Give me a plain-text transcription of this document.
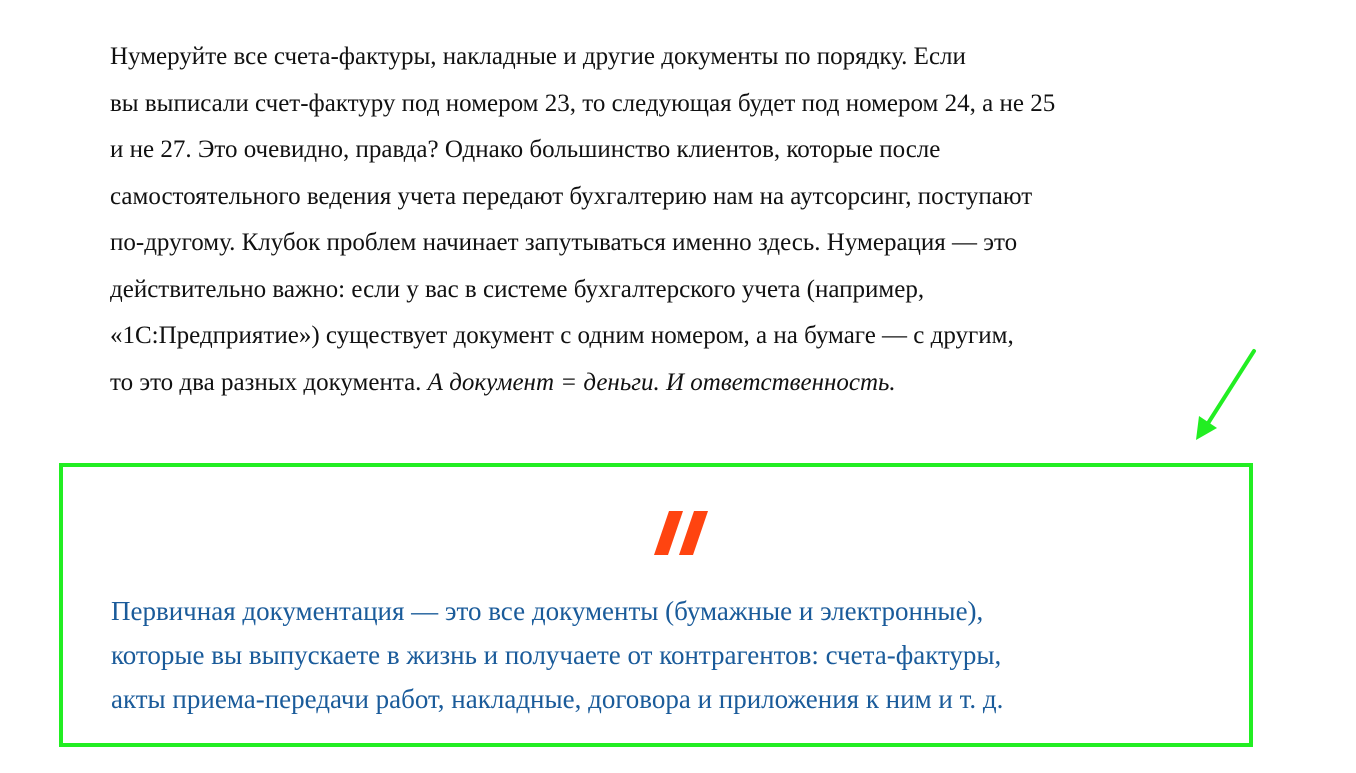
Нумеруйте все счета-фактуры, накладные и другие документы по порядку. Если
вы выписали счет-фактуру под номером 23, то следующая будет под номером 24, а не 25
и не 27. Это очевидно, правда? Однако большинство клиентов, которые после
самостоятельного ведения учета передают бухгалтерию нам на аутсорсинг, поступают
по-другому. Клубок проблем начинает запутываться именно здесь. Нумерация — это
действительно важно: если у вас в системе бухгалтерского учета (например,
«1С:Предприятие») существует документ с одним номером, а на бумаге — с другим,
то это два разных документа. А документ = деньги. И ответственность.

Первичная документация — это все документы (бумажные и электронные),
которые вы выпускаете в жизнь и получаете от контрагентов: счета-фактуры,
акты приема-передачи работ, накладные, договора и приложения к ним и т. д.
